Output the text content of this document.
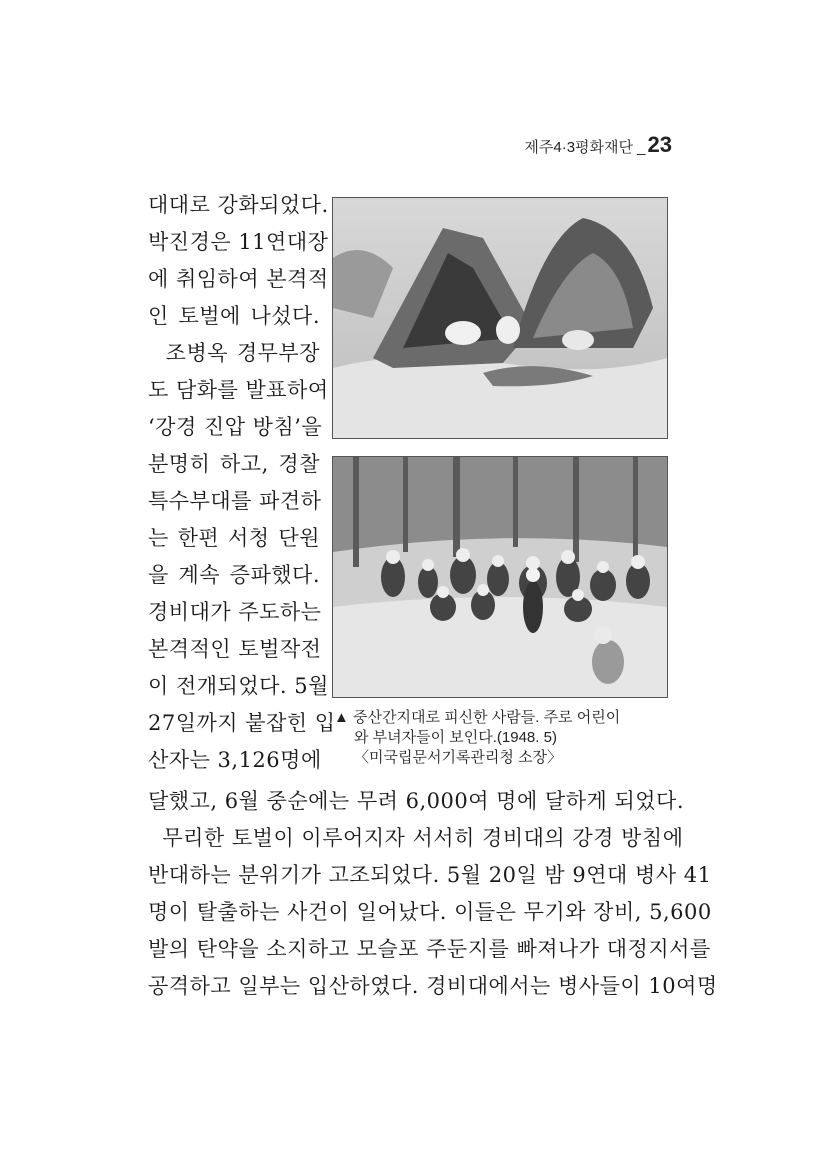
제주4·3평화재단 _ 23
대대로 강화되었다.
박진경은 11연대장
에 취임하여 본격적
인 토벌에 나섰다.
조병옥 경무부장
도 담화를 발표하여
‘강경 진압 방침’을
분명히 하고, 경찰
특수부대를 파견하
는 한편 서청 단원
을 계속 증파했다.
경비대가 주도하는
본격적인 토벌작전
이 전개되었다. 5월
27일까지 붙잡힌 입
산자는 3,126명에
달했고, 6월 중순에는 무려 6,000여 명에 달하게 되었다.
무리한 토벌이 이루어지자 서서히 경비대의 강경 방침에
반대하는 분위기가 고조되었다. 5월 20일 밤 9연대 병사 41
명이 탈출하는 사건이 일어났다. 이들은 무기와 장비, 5,600
발의 탄약을 소지하고 모슬포 주둔지를 빠져나가 대정지서를
공격하고 일부는 입산하였다. 경비대에서는 병사들이 10여명
▲ 중산간지대로 피신한 사람들. 주로 어린이
와 부녀자들이 보인다.(1948. 5)
〈미국립문서기록관리청 소장〉
